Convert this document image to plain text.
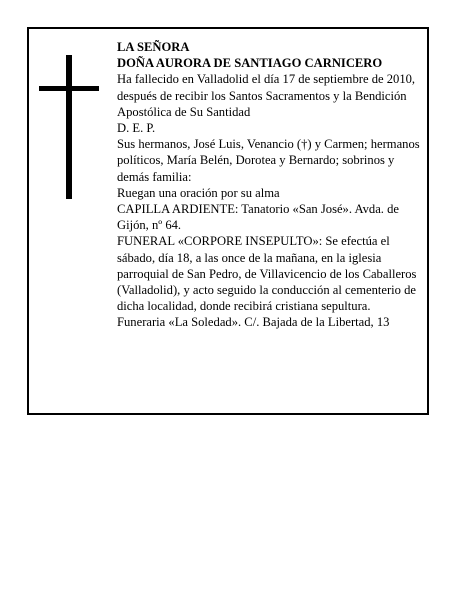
LA SEÑORA

DOÑA AURORA DE SANTIAGO CARNICERO

Ha fallecido en Valladolid el día 17 de septiembre de 2010, después de recibir los Santos Sacramentos y la Bendición Apostólica de Su Santidad

D. E. P.

Sus hermanos, José Luis, Venancio (†) y Carmen; hermanos políticos, María Belén, Dorotea y Bernardo; sobrinos y demás familia:

Ruegan una oración por su alma

CAPILLA ARDIENTE: Tanatorio «San José». Avda. de Gijón, nº 64.

FUNERAL «CORPORE INSEPULTO»: Se efectúa el sábado, día 18, a las once de la mañana, en la iglesia parroquial de San Pedro, de Villavicencio de los Caballeros (Valladolid), y acto seguido la conducción al cementerio de dicha localidad, donde recibirá cristiana sepultura.

Funeraria «La Soledad». C/. Bajada de la Libertad, 13
